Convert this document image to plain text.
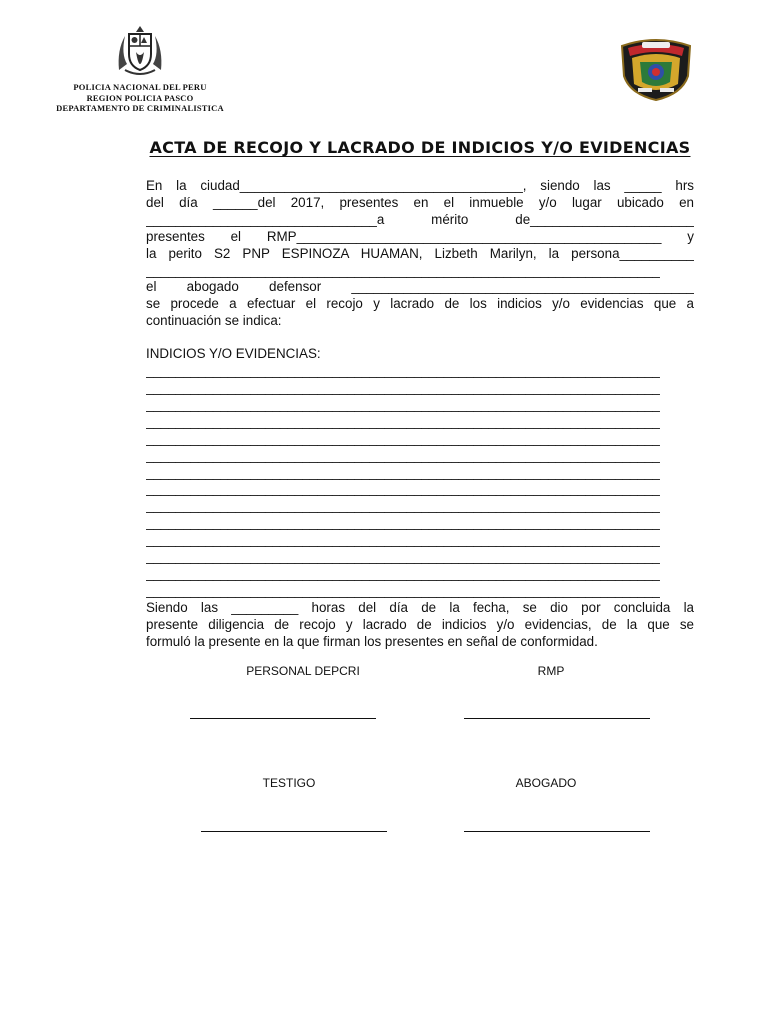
POLICIA NACIONAL DEL PERU
REGION POLICIA PASCO
DEPARTAMENTO DE CRIMINALISTICA
ACTA DE RECOJO Y LACRADO DE INDICIOS Y/O EVIDENCIAS
En la ciudad______________________________________, siendo las _____ hrs
del día ______del 2017, presentes en el inmueble y/o lugar ubicado en
_______________________________a mérito de______________________
presentes el RMP_________________________________________________ y
la perito S2 PNP ESPINOZA HUAMAN, Lizbeth Marilyn, la persona__________
_____________________________________________________________________
el abogado defensor ______________________________________________
se procede a efectuar el recojo y lacrado de los indicios y/o evidencias que a
continuación se indica:
INDICIOS Y/O EVIDENCIAS:
_____________________________________________________________________
_____________________________________________________________________
_____________________________________________________________________
_____________________________________________________________________
_____________________________________________________________________
_____________________________________________________________________
_____________________________________________________________________
_____________________________________________________________________
_____________________________________________________________________
_____________________________________________________________________
_____________________________________________________________________
_____________________________________________________________________
_____________________________________________________________________
_____________________________________________________________________
Siendo las _________ horas del día de la fecha, se dio por concluida la
presente diligencia de recojo y lacrado de indicios y/o evidencias, de la que se
formuló la presente en la que firman los presentes en señal de conformidad.
PERSONAL DEPCRI	RMP
TESTIGO	ABOGADO
